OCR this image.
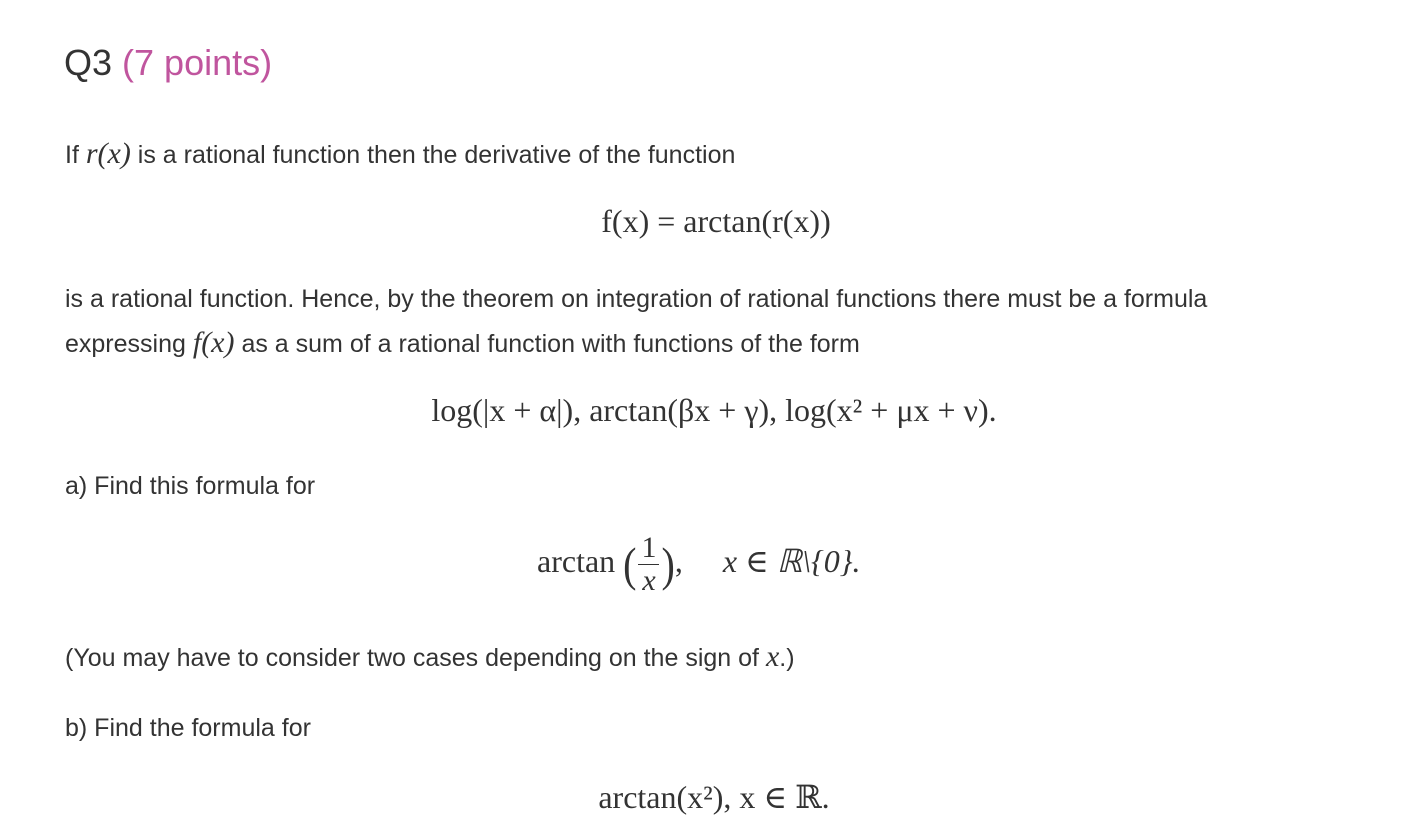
Q3 (7 points)
If r(x) is a rational function then the derivative of the function
f(x) = arctan(r(x))
is a rational function. Hence, by the theorem on integration of rational functions there must be a formula
expressing f(x) as a sum of a rational function with functions of the form
log(|x + α|), arctan(βx + γ), log(x² + μx + ν).
a) Find this formula for
arctan ( $\frac{1}{x}$ ), x ∈ ℝ\{0}.
(You may have to consider two cases depending on the sign of x.)
b) Find the formula for
arctan(x²), x ∈ ℝ.
